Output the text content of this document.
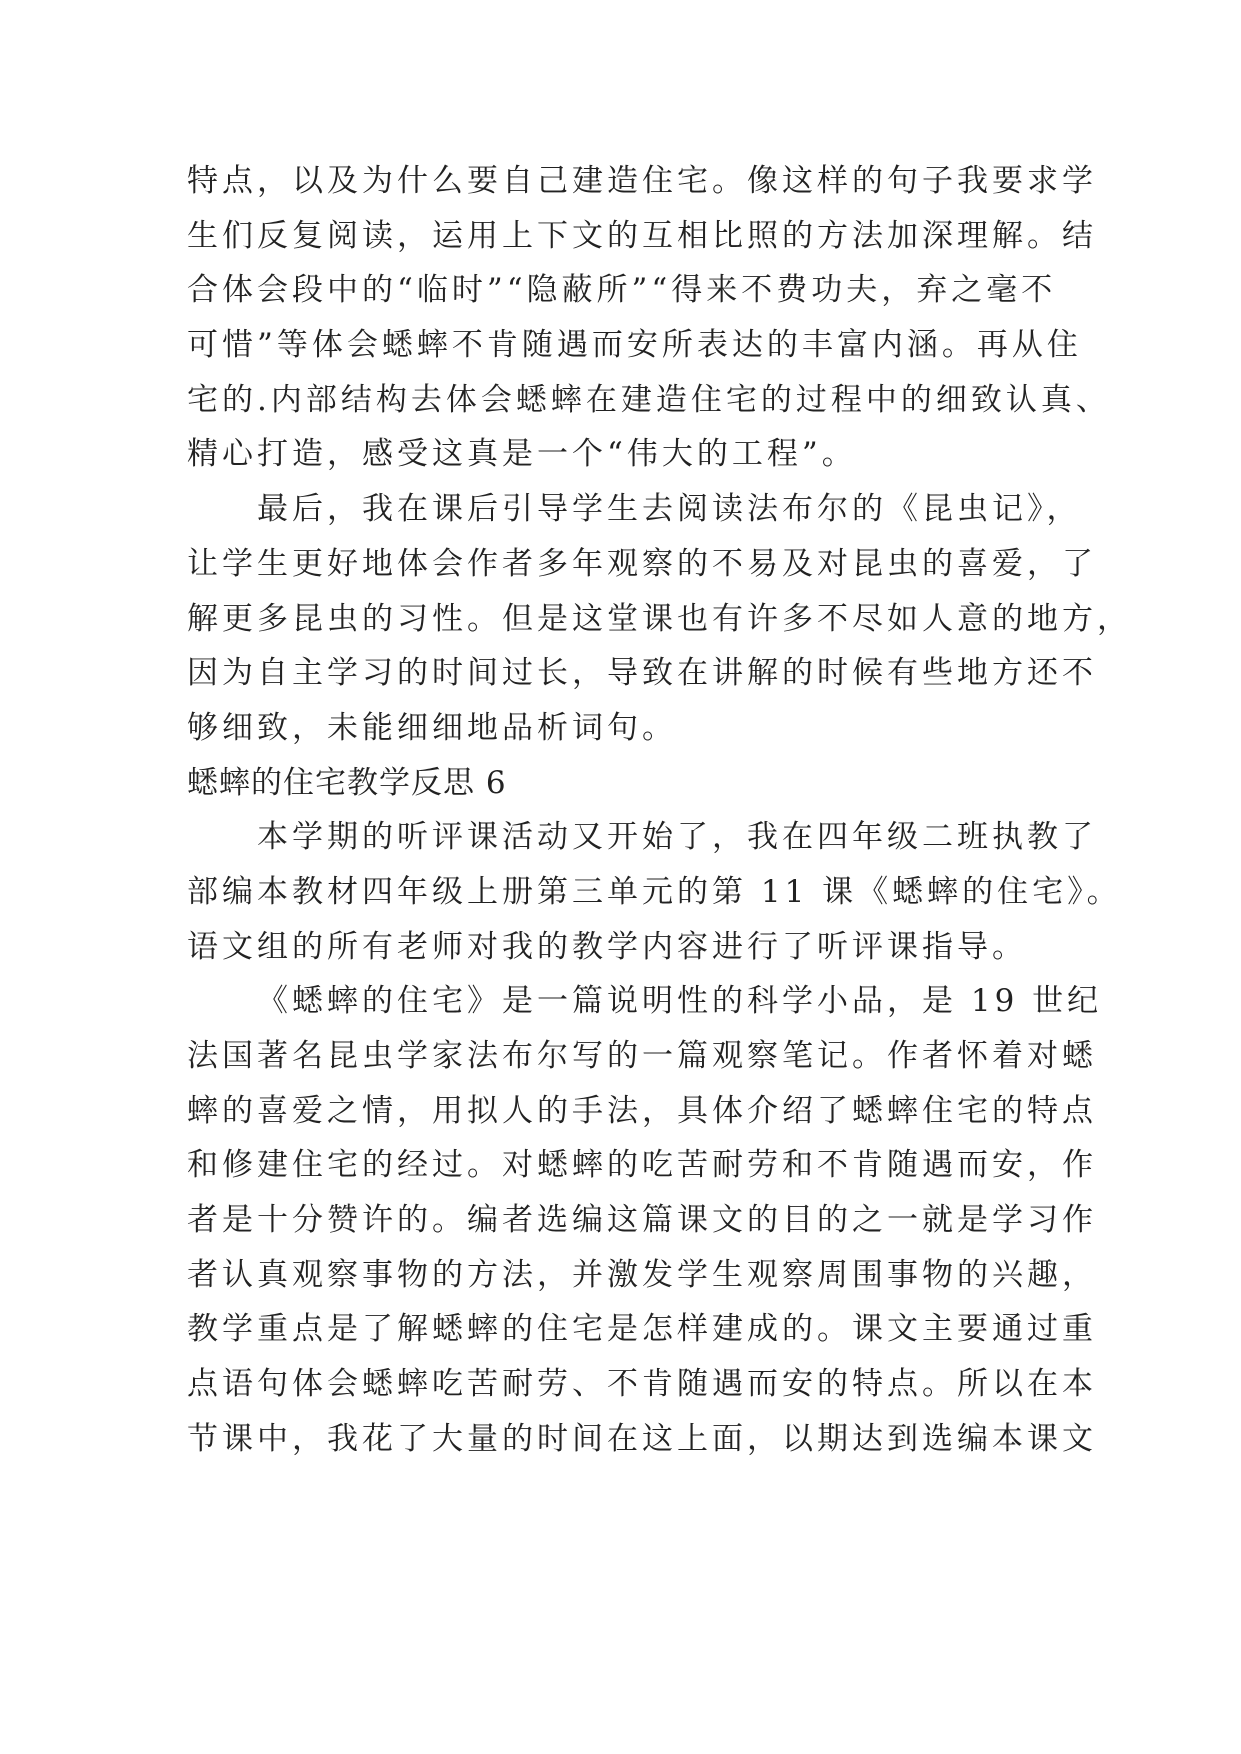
特点，以及为什么要自己建造住宅。像这样的句子我要求学
生们反复阅读，运用上下文的互相比照的方法加深理解。结
合体会段中的“临时”“隐蔽所”“得来不费功夫，弃之毫不
可惜”等体会蟋蟀不肯随遇而安所表达的丰富内涵。再从住
宅的.内部结构去体会蟋蟀在建造住宅的过程中的细致认真、
精心打造，感受这真是一个“伟大的工程”。
最后，我在课后引导学生去阅读法布尔的《昆虫记》，
让学生更好地体会作者多年观察的不易及对昆虫的喜爱，了
解更多昆虫的习性。但是这堂课也有许多不尽如人意的地方，
因为自主学习的时间过长，导致在讲解的时候有些地方还不
够细致，未能细细地品析词句。
蟋蟀的住宅教学反思 6
本学期的听评课活动又开始了，我在四年级二班执教了
部编本教材四年级上册第三单元的第 11 课《蟋蟀的住宅》。
语文组的所有老师对我的教学内容进行了听评课指导。
《蟋蟀的住宅》是一篇说明性的科学小品，是 19 世纪
法国著名昆虫学家法布尔写的一篇观察笔记。作者怀着对蟋
蟀的喜爱之情，用拟人的手法，具体介绍了蟋蟀住宅的特点
和修建住宅的经过。对蟋蟀的吃苦耐劳和不肯随遇而安，作
者是十分赞许的。编者选编这篇课文的目的之一就是学习作
者认真观察事物的方法，并激发学生观察周围事物的兴趣，
教学重点是了解蟋蟀的住宅是怎样建成的。课文主要通过重
点语句体会蟋蟀吃苦耐劳、不肯随遇而安的特点。所以在本
节课中，我花了大量的时间在这上面，以期达到选编本课文
